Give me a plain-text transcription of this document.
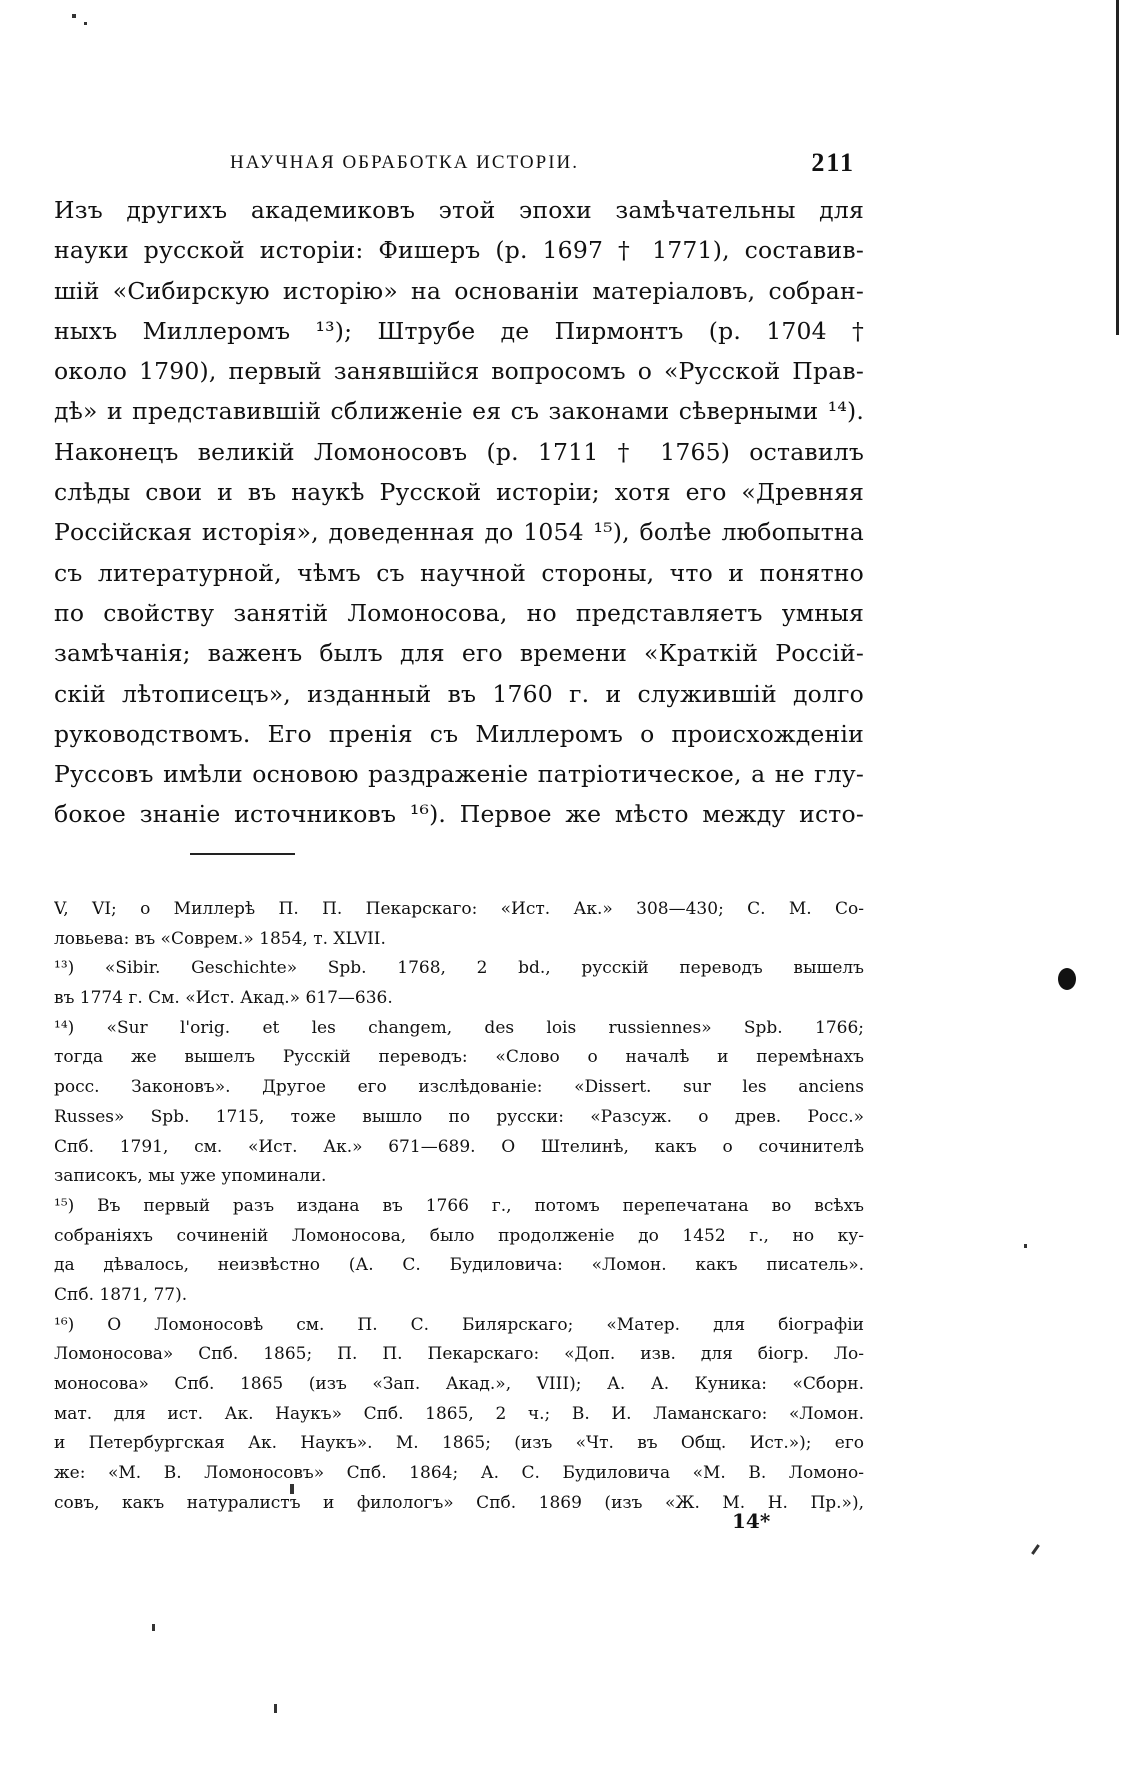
НАУЧНАЯ ОБРАБОТКА ИСТОРІИ.	211
Изъ другихъ академиковъ этой эпохи замѣчательны для
науки русской исторіи: Фишеръ (р. 1697 † 1771), составив-
шій «Сибирскую исторію» на основаніи матеріаловъ, собран-
ныхъ Миллеромъ ¹³); Штрубе де Пирмонтъ (р. 1704 †
около 1790), первый занявшійся вопросомъ о «Русской Прав-
дѣ» и представившій сближеніе ея съ законами сѣверными ¹⁴).
Наконецъ великій Ломоносовъ (р. 1711 † 1765) оставилъ
слѣды свои и въ наукѣ Русской исторіи; хотя его «Древняя
Россійская исторія», доведенная до 1054 ¹⁵), болѣе любопытна
съ литературной, чѣмъ съ научной стороны, что и понятно
по свойству занятій Ломоносова, но представляетъ умныя
замѣчанія; важенъ былъ для его времени «Краткій Россій-
скій лѣтописецъ», изданный въ 1760 г. и служившій долго
руководствомъ. Его пренія съ Миллеромъ о происхожденіи
Руссовъ имѣли основою раздраженіе патріотическое, а не глу-
бокое знаніе источниковъ ¹⁶). Первое же мѣсто между исто-
V, VI; о Миллерѣ П. П. Пекарскаго: «Ист. Ак.» 308—430; С. М. Со-
ловьева: въ «Соврем.» 1854, т. XLVII.
¹³) «Sibir. Geschichte» Spb. 1768, 2 bd., русскій переводъ вышелъ
въ 1774 г. См. «Ист. Акад.» 617—636.
¹⁴) «Sur l'orig. et les changem, des lois russiennes» Spb. 1766;
тогда же вышелъ Русскій переводъ: «Слово о началѣ и перемѣнахъ
росс. Законовъ». Другое его изслѣдованіе: «Dissert. sur les anciens
Russes» Spb. 1715, тоже вышло по русски: «Разсуж. о древ. Росс.»
Спб. 1791, см. «Ист. Ак.» 671—689. О Штелинѣ, какъ о сочинителѣ
записокъ, мы уже упоминали.
¹⁵) Въ первый разъ издана въ 1766 г., потомъ перепечатана во всѣхъ
собраніяхъ сочиненій Ломоносова, было продолженіе до 1452 г., но ку-
да дѣвалось, неизвѣстно (А. С. Будиловича: «Ломон. какъ писатель».
Спб. 1871, 77).
¹⁶) О Ломоносовѣ см. П. С. Билярскаго; «Матер. для біографіи
Ломоносова» Спб. 1865; П. П. Пекарскаго: «Доп. изв. для біогр. Ло-
моносова» Спб. 1865 (изъ «Зап. Акад.», VIII); А. А. Куника: «Сборн.
мат. для ист. Ак. Наукъ» Спб. 1865, 2 ч.; В. И. Ламанскаго: «Ломон.
и Петербургская Ак. Наукъ». М. 1865; (изъ «Чт. въ Общ. Ист.»); его
же: «М. В. Ломоносовъ» Спб. 1864; А. С. Будиловича «М. В. Ломоно-
совъ, какъ натуралистъ и филологъ» Спб. 1869 (изъ «Ж. М. Н. Пр.»),
14*
